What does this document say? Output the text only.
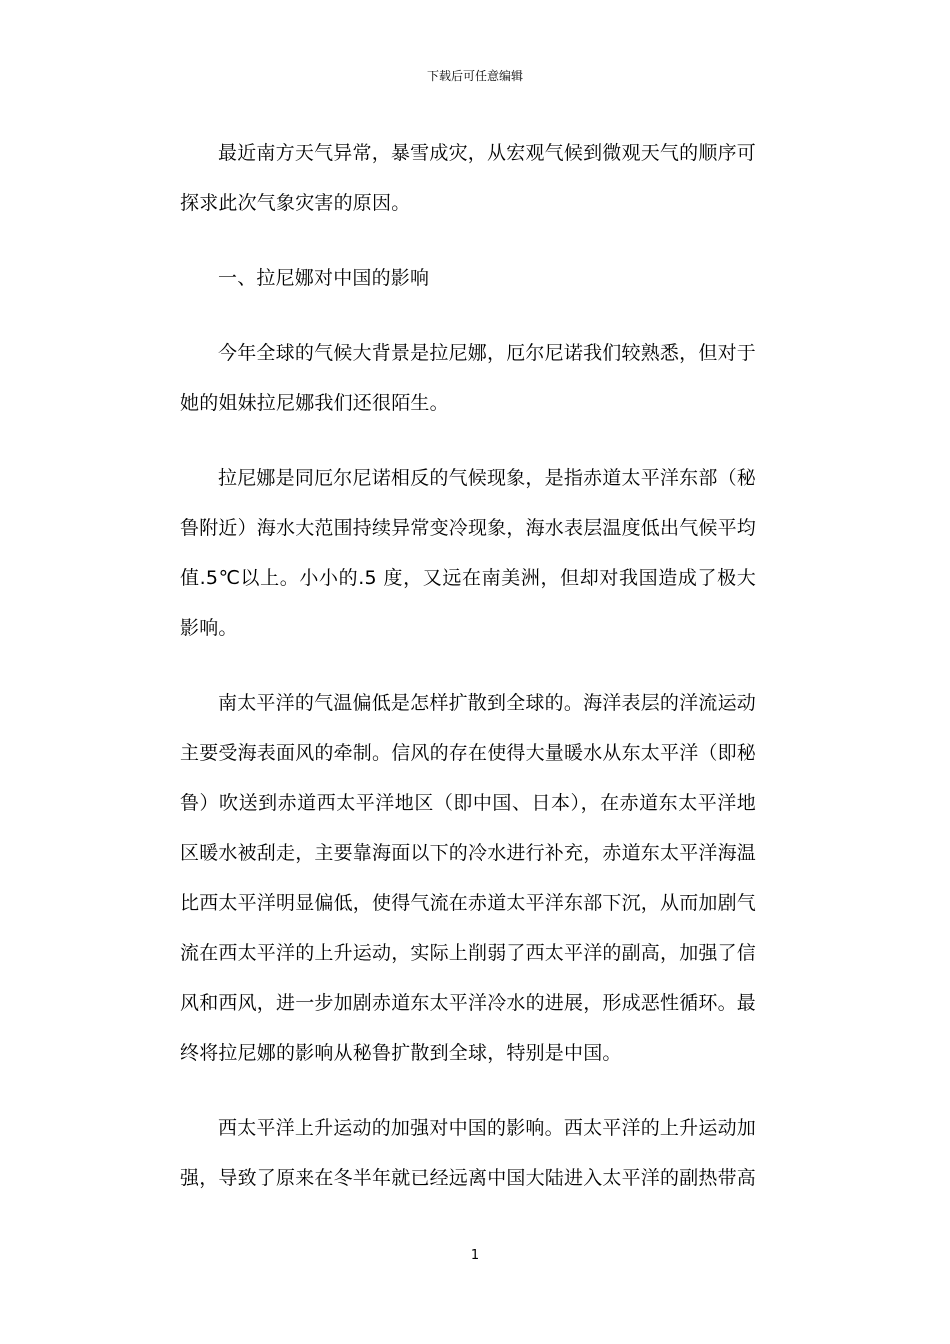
下载后可任意编辑

最近南方天气异常，暴雪成灾，从宏观气候到微观天气的顺序可探求此次气象灾害的原因。

一、拉尼娜对中国的影响

今年全球的气候大背景是拉尼娜，厄尔尼诺我们较熟悉，但对于她的姐妹拉尼娜我们还很陌生。

拉尼娜是同厄尔尼诺相反的气候现象，是指赤道太平洋东部（秘鲁附近）海水大范围持续异常变冷现象，海水表层温度低出气候平均值.5℃以上。小小的.5 度，又远在南美洲，但却对我国造成了极大影响。

南太平洋的气温偏低是怎样扩散到全球的。海洋表层的洋流运动主要受海表面风的牵制。信风的存在使得大量暖水从东太平洋（即秘鲁）吹送到赤道西太平洋地区（即中国、日本），在赤道东太平洋地区暖水被刮走，主要靠海面以下的冷水进行补充，赤道东太平洋海温比西太平洋明显偏低，使得气流在赤道太平洋东部下沉，从而加剧气流在西太平洋的上升运动，实际上削弱了西太平洋的副高，加强了信风和西风，进一步加剧赤道东太平洋冷水的进展，形成恶性循环。最终将拉尼娜的影响从秘鲁扩散到全球，特别是中国。

西太平洋上升运动的加强对中国的影响。西太平洋的上升运动加强，导致了原来在冬半年就已经远离中国大陆进入太平洋的副热带高

1
